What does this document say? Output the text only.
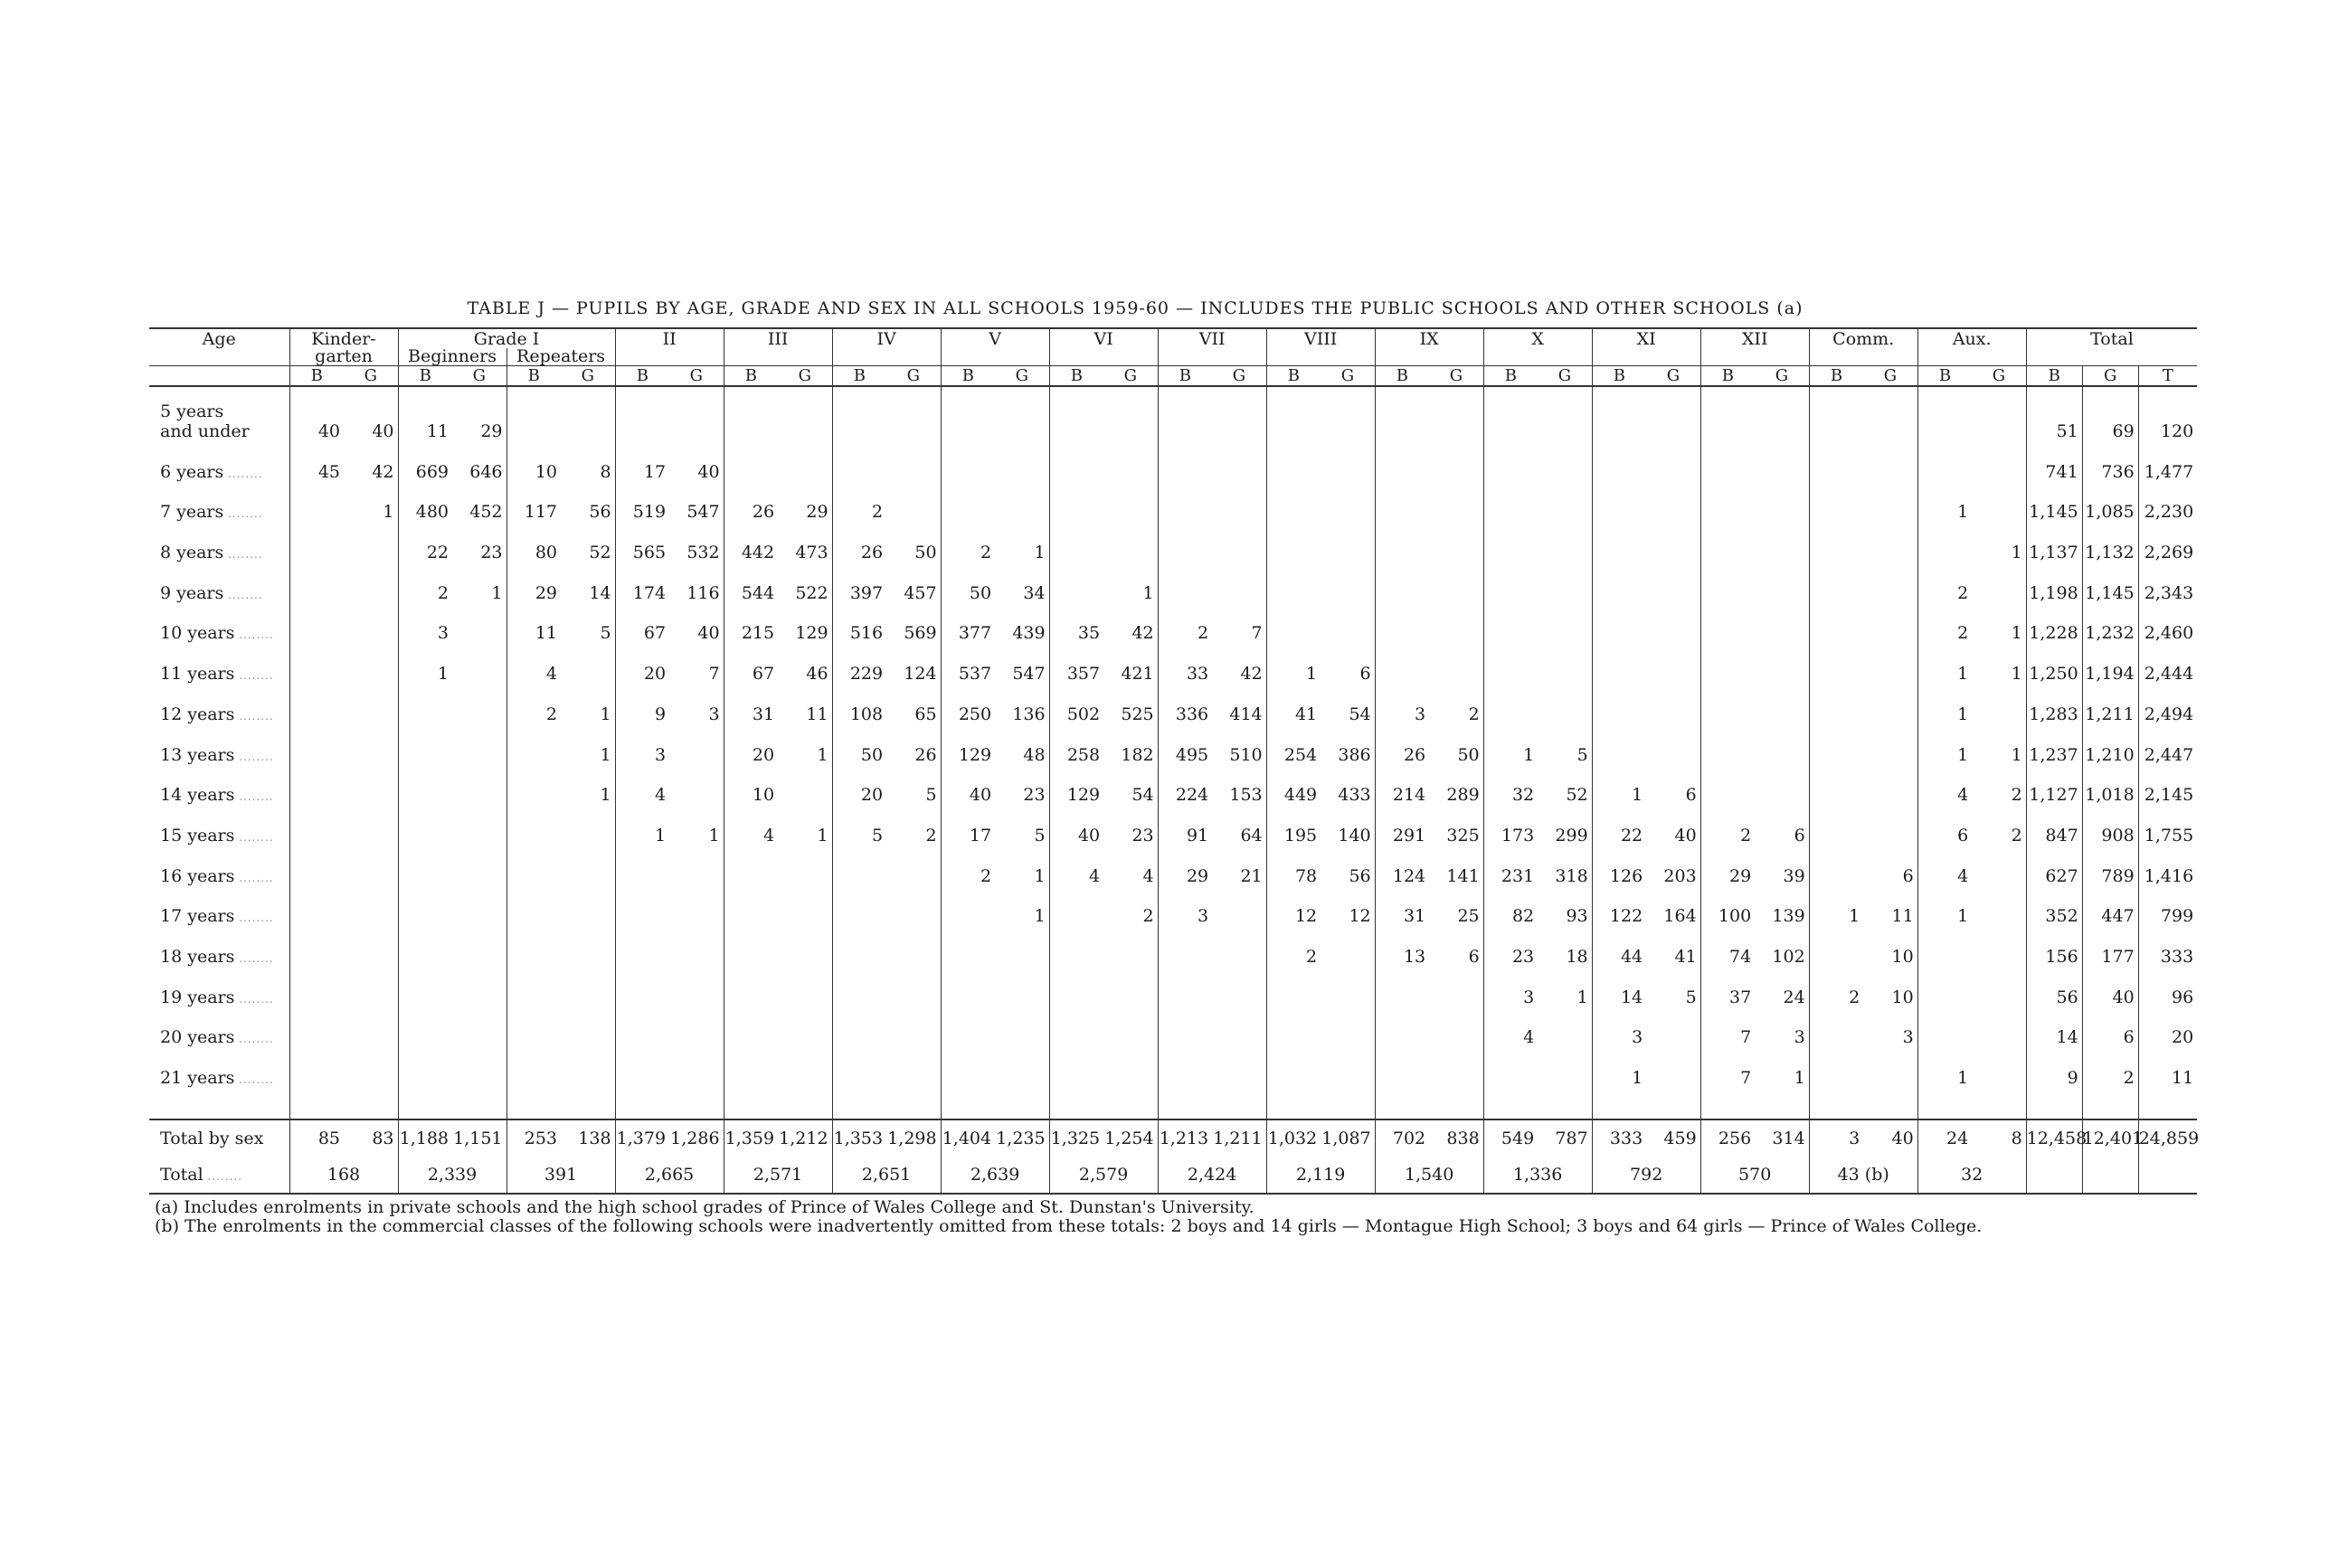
TABLE J — PUPILS BY AGE, GRADE AND SEX IN ALL SCHOOLS 1959-60 — INCLUDES THE PUBLIC SCHOOLS AND OTHER SCHOOLS (a)
Age	Kinder-
garten		Grade I				II		III		IV		V		VI		VII		VIII		IX		X		XI		XII		Comm.		Aux.		Total		
			Beginners		Repeaters																														
	B	G	B	G	B	G	B	G	B	G	B	G	B	G	B	G	B	G	B	G	B	G	B	G	B	G	B	G	B	G	B	G	B	G	T
5 years
and under	40	40	11	29																													51	69	120
6 years ........	45	42	669	646	10	8	17	40																									741	736	1,477
7 years ........		1	480	452	117	56	519	547	26	29	2																				1		1,145	1,085	2,230
8 years ........			22	23	80	52	565	532	442	473	26	50	2	1																		1	1,137	1,132	2,269
9 years ........			2	1	29	14	174	116	544	522	397	457	50	34		1															2		1,198	1,145	2,343
10 years ........			3		11	5	67	40	215	129	516	569	377	439	35	42	2	7													2	1	1,228	1,232	2,460
11 years ........			1		4		20	7	67	46	229	124	537	547	357	421	33	42	1	6											1	1	1,250	1,194	2,444
12 years ........					2	1	9	3	31	11	108	65	250	136	502	525	336	414	41	54	3	2									1		1,283	1,211	2,494
13 years ........						1	3		20	1	50	26	129	48	258	182	495	510	254	386	26	50	1	5							1	1	1,237	1,210	2,447
14 years ........						1	4		10		20	5	40	23	129	54	224	153	449	433	214	289	32	52	1	6					4	2	1,127	1,018	2,145
15 years ........							1	1	4	1	5	2	17	5	40	23	91	64	195	140	291	325	173	299	22	40	2	6			6	2	847	908	1,755
16 years ........													2	1	4	4	29	21	78	56	124	141	231	318	126	203	29	39		6	4		627	789	1,416
17 years ........														1		2	3		12	12	31	25	82	93	122	164	100	139	1	11	1		352	447	799
18 years ........																			2		13	6	23	18	44	41	74	102		10			156	177	333
19 years ........																							3	1	14	5	37	24	2	10			56	40	96
20 years ........																							4		3		7	3		3			14	6	20
21 years ........																									1		7	1			1		9	2	11

Total by sex	85	83	1,188	1,151	253	138	1,379	1,286	1,359	1,212	1,353	1,298	1,404	1,235	1,325	1,254	1,213	1,211	1,032	1,087	702	838	549	787	333	459	256	314	3	40	24	8	12,458	12,401	24,859
Total ........	168		2,339		391		2,665		2,571		2,651		2,639		2,579		2,424		2,119		1,540		1,336		792		570		43 (b)		32				
(a) Includes enrolments in private schools and the high school grades of Prince of Wales College and St. Dunstan's University.
(b) The enrolments in the commercial classes of the following schools were inadvertently omitted from these totals: 2 boys and 14 girls — Montague High School; 3 boys and 64 girls — Prince of Wales College.
